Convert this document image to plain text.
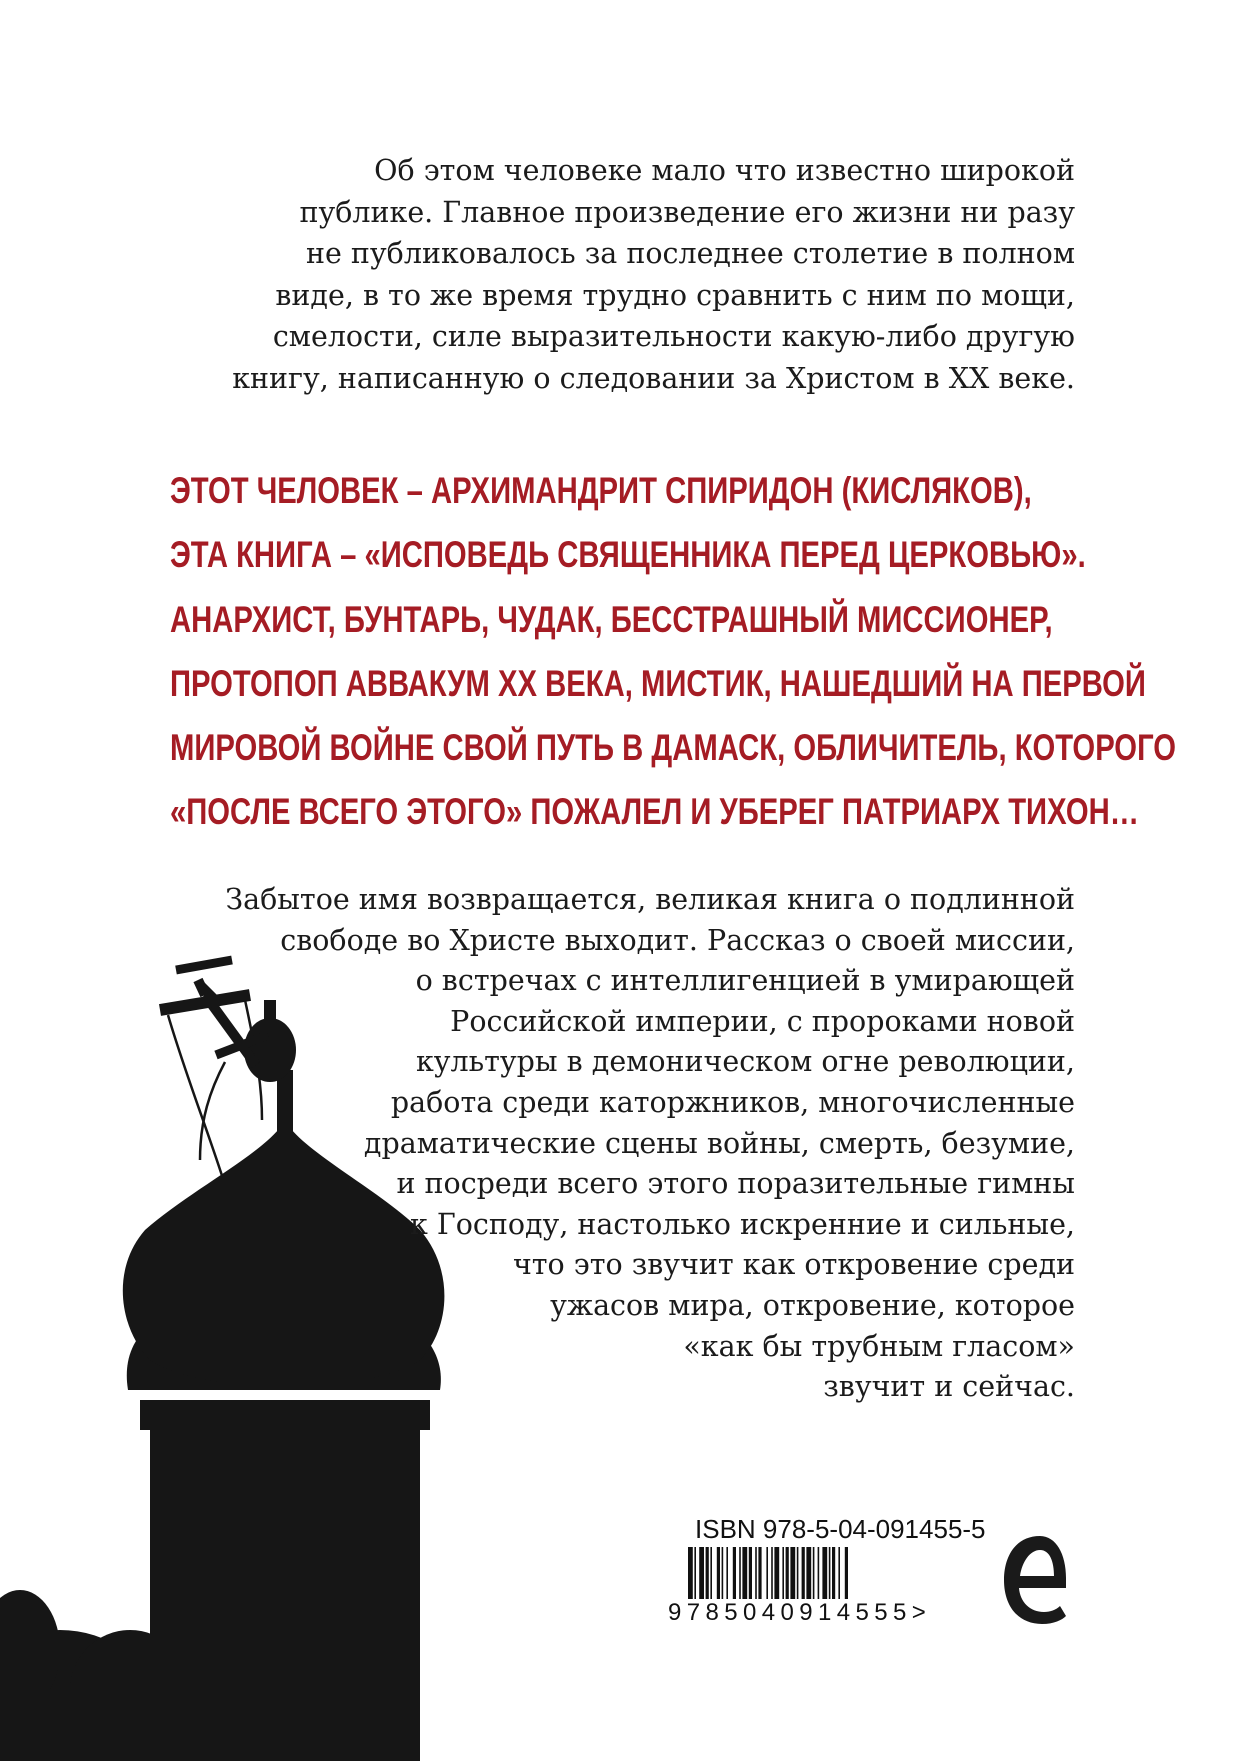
Об этом человеке мало что известно широкой
публике. Главное произведение его жизни ни разу
не публиковалось за последнее столетие в полном
виде, в то же время трудно сравнить с ним по мощи,
смелости, силе выразительности какую-либо другую
книгу, написанную о следовании за Христом в XX веке.
ЭТОТ ЧЕЛОВЕК – АРХИМАНДРИТ СПИРИДОН (КИСЛЯКОВ),
ЭТА КНИГА – «ИСПОВЕДЬ СВЯЩЕННИКА ПЕРЕД ЦЕРКОВЬЮ».
АНАРХИСТ, БУНТАРЬ, ЧУДАК, БЕССТРАШНЫЙ МИССИОНЕР,
ПРОТОПОП АВВАКУМ XX ВЕКА, МИСТИК, НАШЕДШИЙ НА ПЕРВОЙ
МИРОВОЙ ВОЙНЕ СВОЙ ПУТЬ В ДАМАСК, ОБЛИЧИТЕЛЬ, КОТОРОГО
«ПОСЛЕ ВСЕГО ЭТОГО» ПОЖАЛЕЛ И УБЕРЕГ ПАТРИАРХ ТИХОН…
Забытое имя возвращается, великая книга о подлинной
свободе во Христе выходит. Рассказ о своей миссии,
о встречах с интеллигенцией в умирающей
Российской империи, с пророками новой
культуры в демоническом огне революции,
работа среди каторжников, многочисленные
драматические сцены войны, смерть, безумие,
и посреди всего этого поразительные гимны
к Господу, настолько искренние и сильные,
что это звучит как откровение среди
ужасов мира, откровение, которое
«как бы трубным гласом»
звучит и сейчас.
ISBN 978-5-04-091455-5
9785040914555>
